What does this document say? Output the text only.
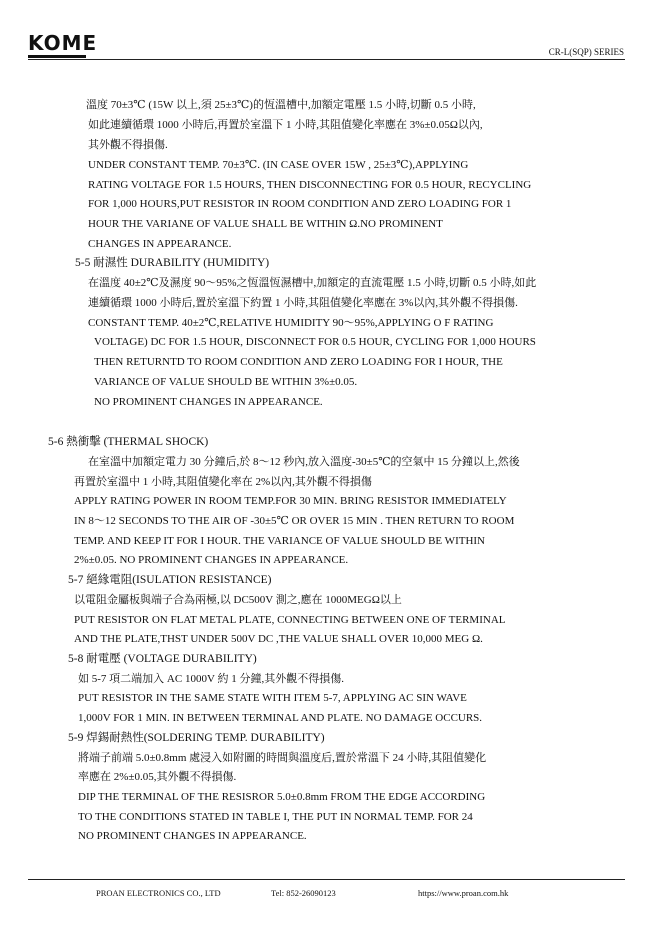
KOME	CR-L(SQP) SERIES
溫度 70±3℃ (15W 以上,須 25±3℃)的恆溫槽中,加額定電壓 1.5 小時,切斷 0.5 小時,
如此連續循環 1000 小時后,再置於室溫下 1 小時,其阻值變化率應在 3%±0.05Ω以內,
其外觀不得損傷.
UNDER CONSTANT TEMP. 70±3℃. (IN CASE OVER 15W , 25±3℃),APPLYING
RATING VOLTAGE FOR 1.5 HOURS, THEN DISCONNECTING FOR 0.5 HOUR, RECYCLING
FOR 1,000 HOURS,PUT RESISTOR IN ROOM CONDITION AND ZERO LOADING FOR 1
HOUR THE VARIANE OF VALUE SHALL BE WITHIN Ω.NO PROMINENT
CHANGES IN APPEARANCE.
5-5 耐濕性 DURABILITY (HUMIDITY)
在溫度 40±2℃及濕度 90～95%之恆溫恆濕槽中,加額定的直流電壓 1.5 小時,切斷 0.5 小時,如此
連續循環 1000 小時后,置於室溫下約置 1 小時,其阻值變化率應在 3%以內,其外觀不得損傷.
CONSTANT TEMP. 40±2℃,RELATIVE HUMIDITY 90～95%,APPLYING O F RATING
VOLTAGE) DC FOR 1.5 HOUR, DISCONNECT FOR 0.5 HOUR, CYCLING FOR 1,000 HOURS
THEN RETURNTD TO ROOM CONDITION AND ZERO LOADING FOR I HOUR, THE
VARIANCE OF VALUE SHOULD BE WITHIN 3%±0.05.
NO PROMINENT CHANGES IN APPEARANCE.
5-6 熱衝擊 (THERMAL SHOCK)
在室溫中加額定電力 30 分鐘后,於 8～12 秒內,放入溫度-30±5℃的空氣中 15 分鐘以上,然後
再置於室溫中 1 小時,其阻值變化率在 2%以內,其外觀不得損傷
APPLY RATING POWER IN ROOM TEMP.FOR 30 MIN. BRING RESISTOR IMMEDIATELY
IN 8～12 SECONDS TO THE AIR OF -30±5℃ OR OVER 15 MIN . THEN RETURN TO ROOM
TEMP. AND KEEP IT FOR I HOUR. THE VARIANCE OF VALUE SHOULD BE WITHIN
2%±0.05. NO PROMINENT CHANGES IN APPEARANCE.
5-7 絕緣電阻(ISULATION RESISTANCE)
以電阻金屬板與端子合為兩極,以 DC500V 測之,應在 1000MEGΩ以上
PUT RESISTOR ON FLAT METAL PLATE, CONNECTING BETWEEN ONE OF TERMINAL
AND THE PLATE,THST UNDER 500V DC ,THE VALUE SHALL OVER 10,000 MEG Ω.
5-8 耐電壓 (VOLTAGE DURABILITY)
如 5-7 項二端加入 AC 1000V 約 1 分鐘,其外觀不得損傷.
PUT RESISTOR IN THE SAME STATE WITH ITEM 5-7, APPLYING AC SIN WAVE
1,000V FOR 1 MIN. IN BETWEEN TERMINAL AND PLATE. NO DAMAGE OCCURS.
5-9 焊錫耐熱性(SOLDERING TEMP. DURABILITY)
將端子前端 5.0±0.8mm 處浸入如附圖的時間與溫度后,置於常溫下 24 小時,其阻值變化
率應在 2%±0.05,其外觀不得損傷.
DIP THE TERMINAL OF THE RESISROR 5.0±0.8mm FROM THE EDGE ACCORDING
TO THE CONDITIONS STATED IN TABLE I, THE PUT IN NORMAL TEMP. FOR 24
NO PROMINENT CHANGES IN APPEARANCE.
PROAN ELECTRONICS CO., LTD	Tel: 852-26090123	https://www.proan.com.hk
